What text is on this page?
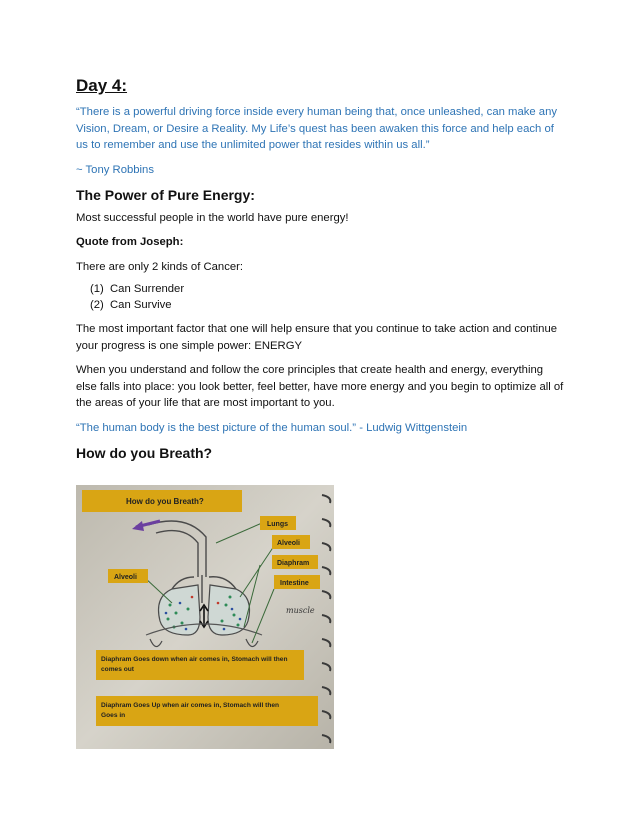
Day 4:

“There is a powerful driving force inside every human being that, once unleashed, can make any Vision, Dream, or Desire a Reality. My Life’s quest has been awaken this force and help each of us to remember and use the unlimited power that resides within us all.”

~ Tony Robbins

The Power of Pure Energy:

Most successful people in the world have pure energy!

Quote from Joseph:

There are only 2 kinds of Cancer:

(1) Can Surrender
(2) Can Survive

The most important factor that one will help ensure that you continue to take action and continue your progress is one simple power: ENERGY

When you understand and follow the core principles that create health and energy, everything else falls into place: you look better, feel better, have more energy and you begin to optimize all of the areas of your life that are most important to you.

“The human body is the best picture of the human soul.” - Ludwig Wittgenstein

How do you Breath?
How do you Breath?
Lungs
Alveoli
Diaphram
Intestine
Alveoli
muscle
Diaphram Goes down when air comes in, Stomach will then comes out
Diaphram Goes Up when air comes in, Stomach will then Goes in
